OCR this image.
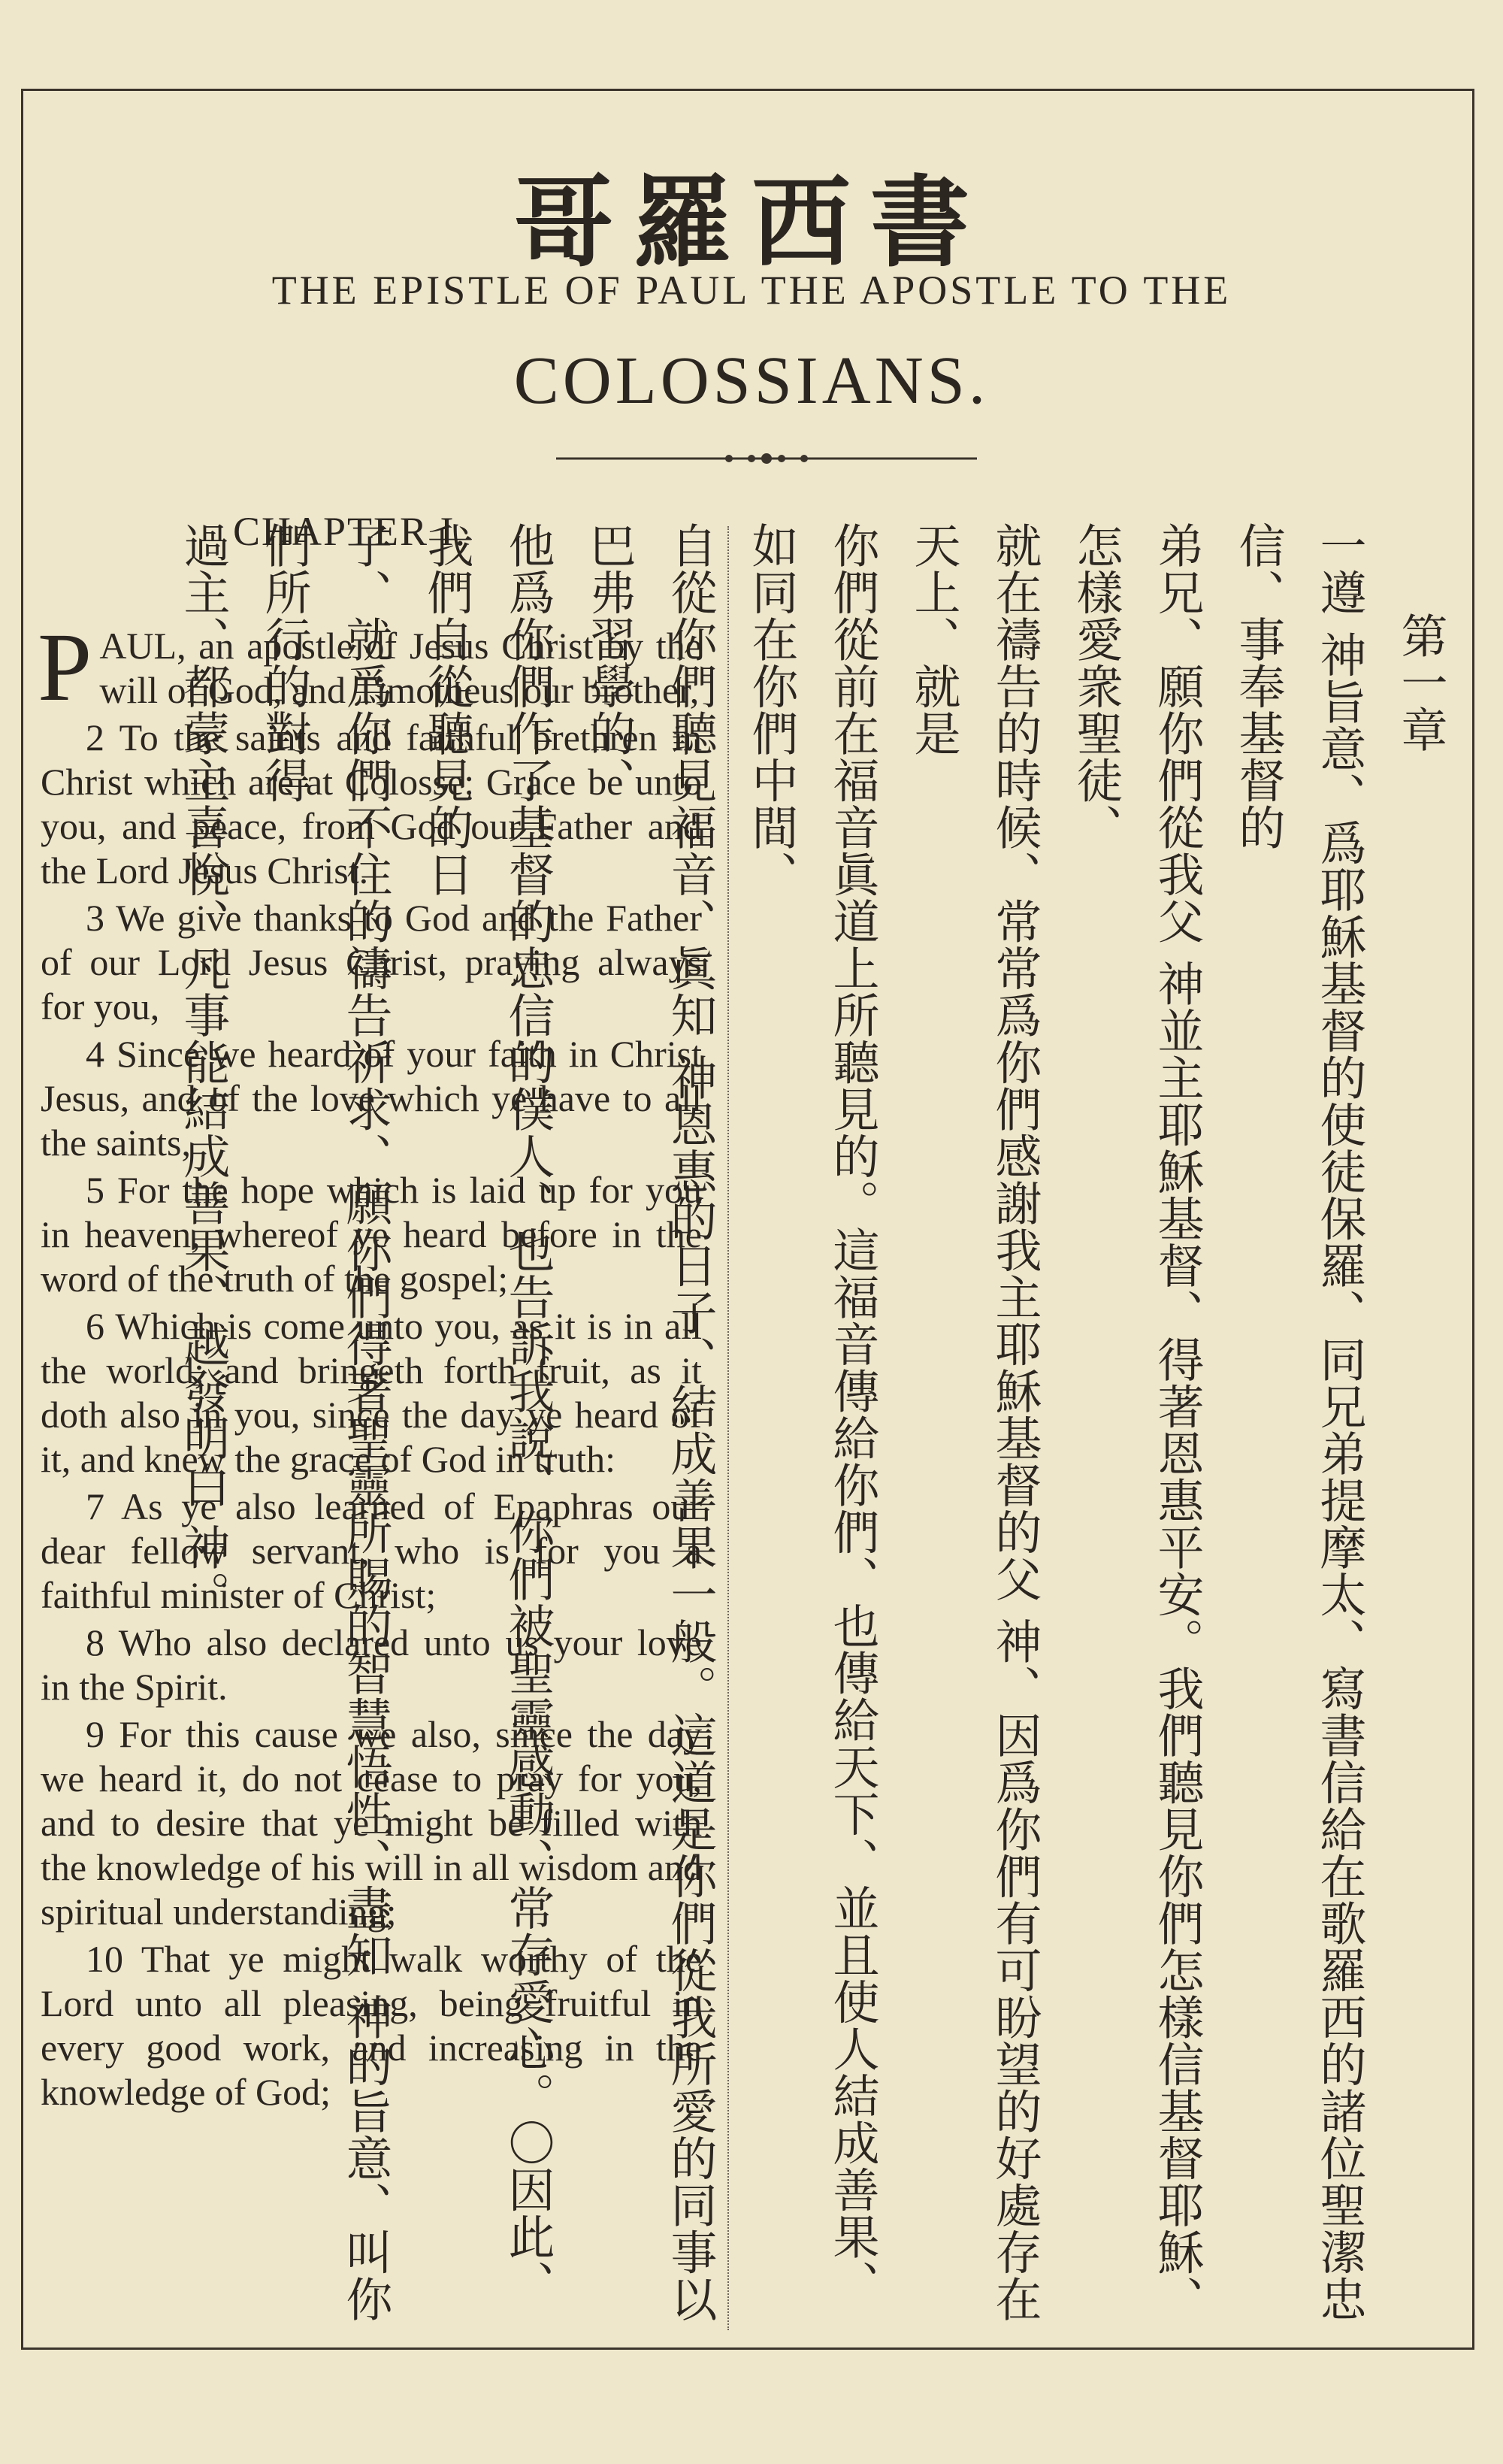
哥羅西書
THE EPISTLE OF PAUL THE APOSTLE TO THE
COLOSSIANS.
CHAPTER I.

PAUL, an apostle of Jesus Christ by the will of God, and Timotheus our brother,

2 To the saints and faithful brethren in Christ which are at Colosse: Grace be unto you, and peace, from God our Father and the Lord Jesus Christ.

3 We give thanks to God and the Father of our Lord Jesus Christ, praying always for you,

4 Since we heard of your faith in Christ Jesus, and of the love which ye have to all the saints,

5 For the hope which is laid up for you in heaven, whereof ye heard before in the word of the truth of the gospel;

6 Which is come unto you, as it is in all the world; and bringeth forth fruit, as it doth also in you, since the day ye heard of it, and knew the grace of God in truth:

7 As ye also learned of Epaphras our dear fellow servant, who is for you a faithful minister of Christ;

8 Who also declared unto us your love in the Spirit.

9 For this cause we also, since the day we heard it, do not cease to pray for you, and to desire that ye might be filled with the knowledge of his will in all wisdom and spiritual understanding;

10 That ye might walk worthy of the Lord unto all pleasing, being fruitful in every good work, and increasing in the knowledge of God;

第一章
一遵 神旨意、爲耶穌基督的使徒保羅、同兄弟提摩太、寫書信給在歌羅西的諸位聖潔忠信、事奉基督的
弟兄、願你們從我父 神並主耶穌基督、得著恩惠平安。我們聽見你們怎樣信基督耶穌、怎樣愛衆聖徒、
就在禱告的時候、常常爲你們感謝我主耶穌基督的父 神、因爲你們有可盼望的好處存在天上、就是
你們從前在福音眞道上所聽見的。這福音傳給你們、也傳給天下、並且使人結成善果、如同在你們中間、
自從你們聽見福音、眞知 神恩惠的日子、結成善果一般。這道是你們從我所愛的同事以巴弗習學的、
他爲你們作了基督的忠信的僕人、也告訴我說、你們被聖靈感動、常存愛心。〇因此、我們自從聽見的日
子、就爲你們不住的禱告祈求、願你們得著聖靈所賜的智慧悟性、盡知 神的旨意、叫你們所行的對得
過主、都蒙主喜悅、凡事能結成善果、越發明白 神。
